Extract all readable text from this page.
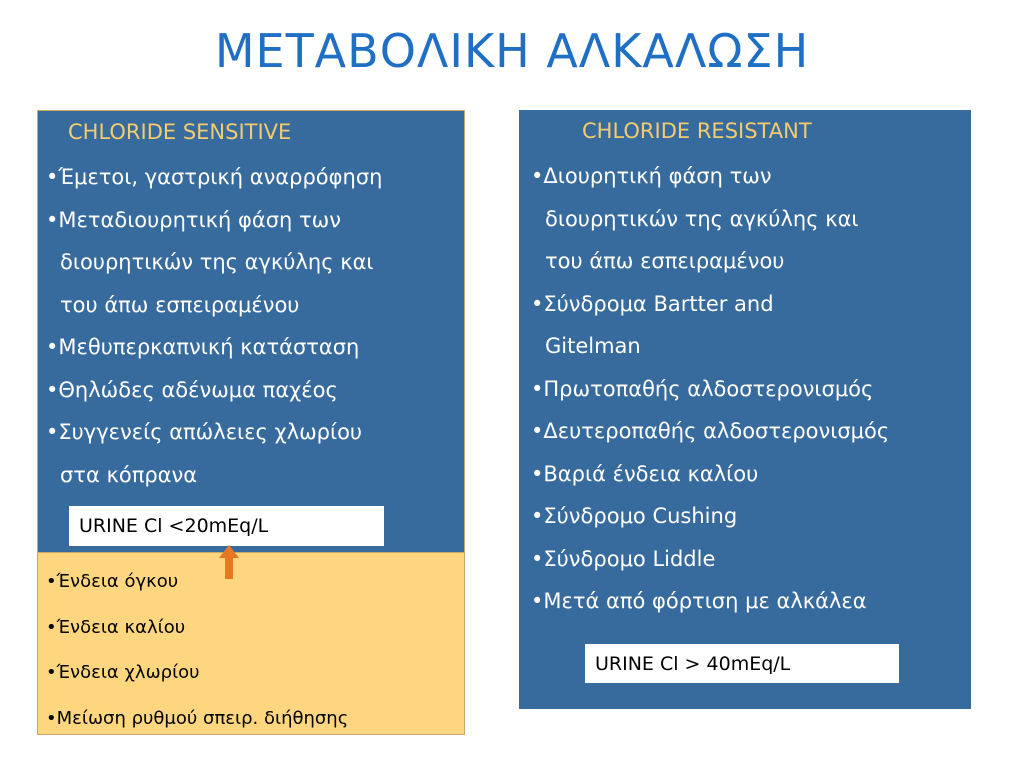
ΜΕΤΑΒΟΛΙΚΗ ΑΛΚΑΛΩΣΗ
CHLORIDE SENSITIVE
•Έμετοι, γαστρική αναρρόφηση
•Μεταδιουρητική φάση των
διουρητικών της αγκύλης και
του άπω εσπειραμένου
•Μεθυπερκαπνική κατάσταση
•Θηλώδες αδένωμα παχέος
•Συγγενείς απώλειες χλωρίου
στα κόπρανα
URINE Cl <20mEq/L
•Ένδεια όγκου
•Ένδεια καλίου
•Ένδεια χλωρίου
•Μείωση ρυθμού σπειρ. διήθησης
CHLORIDE RESISTANT
•Διουρητική φάση των
διουρητικών της αγκύλης και
του άπω εσπειραμένου
•Σύνδρομα Bartter and
Gitelman
•Πρωτοπαθής αλδοστερονισμός
•Δευτεροπαθής αλδοστερονισμός
•Βαριά ένδεια καλίου
•Σύνδρομο Cushing
•Σύνδρομο Liddle
•Μετά από φόρτιση με αλκάλεα
URINE Cl > 40mEq/L
